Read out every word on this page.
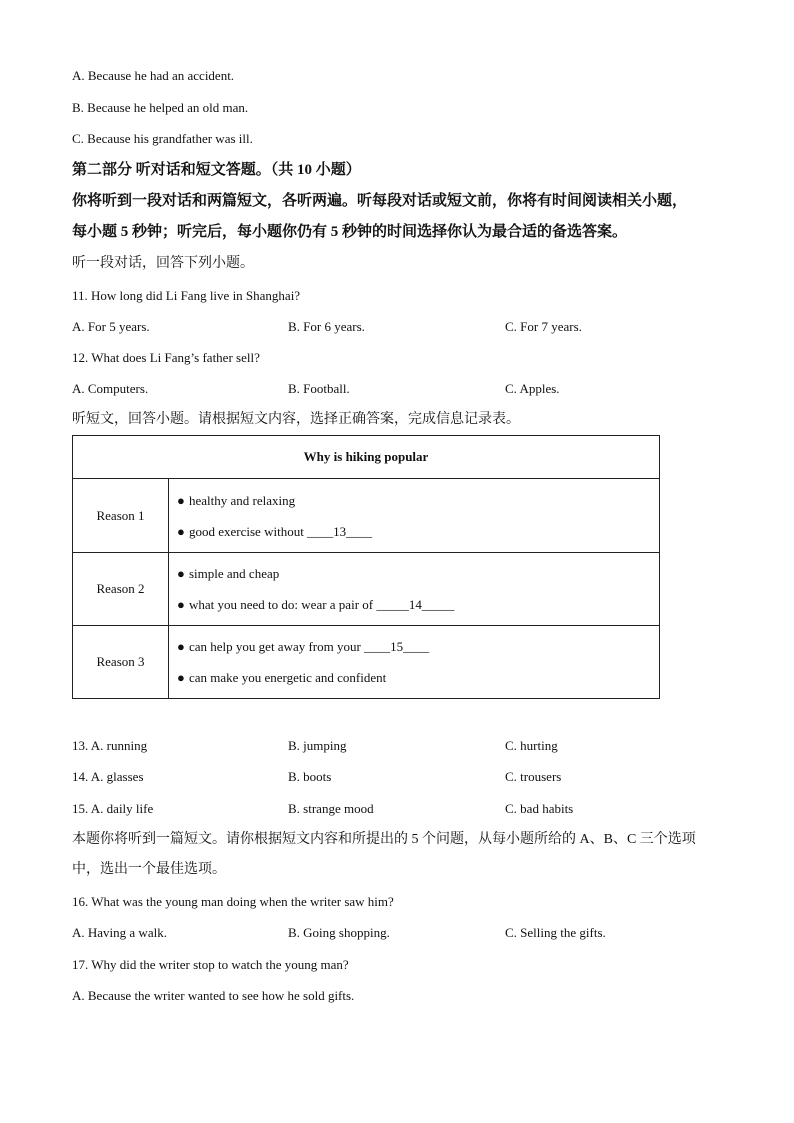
A. Because he had an accident.
B. Because he helped an old man.
C. Because his grandfather was ill.
第二部分 听对话和短文答题。（共 10 小题）
你将听到一段对话和两篇短文，各听两遍。听每段对话或短文前，你将有时间阅读相关小题，
每小题 5 秒钟；听完后，每小题你仍有 5 秒钟的时间选择你认为最合适的备选答案。
听一段对话，回答下列小题。
11. How long did Li Fang live in Shanghai?
A. For 5 years.	B. For 6 years.	C. For 7 years.
12. What does Li Fang’s father sell?
A. Computers.	B. Football.	C. Apples.
听短文，回答小题。请根据短文内容，选择正确答案，完成信息记录表。
Why is hiking popular	
Reason 1	● healthy and relaxing
● good exercise without ____13____

Reason 2	● simple and cheap
● what you need to do: wear a pair of _____14_____

Reason 3	● can help you get away from your ____15____
● can make you energetic and confident
13. A. running	B. jumping	C. hurting
14. A. glasses	B. boots	C. trousers
15. A. daily life	B. strange mood	C. bad habits
本题你将听到一篇短文。请你根据短文内容和所提出的 5 个问题，从每小题所给的 A、B、C 三个选项
中，选出一个最佳选项。
16. What was the young man doing when the writer saw him?
A. Having a walk.	B. Going shopping.	C. Selling the gifts.
17. Why did the writer stop to watch the young man?
A. Because the writer wanted to see how he sold gifts.
